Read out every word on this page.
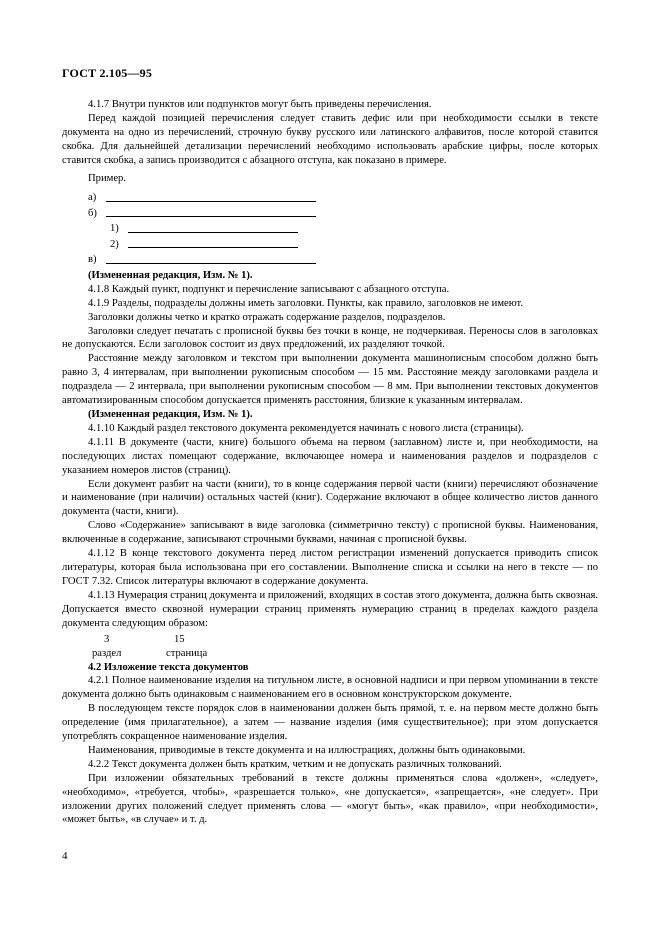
ГОСТ 2.105—95

4.1.7 Внутри пунктов или подпунктов могут быть приведены перечисления.

Перед каждой позицией перечисления следует ставить дефис или при необходимости ссылки в тексте документа на одно из перечислений, строчную букву русского или латинского алфавитов, после которой ставится скобка. Для дальнейшей детализации перечислений необходимо использовать арабские цифры, после которых ставится скобка, а запись производится с абзацного отступа, как показано в примере.

Пример.
а)
б)
1)
2)
в)

(Измененная редакция, Изм. № 1).

4.1.8 Каждый пункт, подпункт и перечисление записывают с абзацного отступа.

4.1.9 Разделы, подразделы должны иметь заголовки. Пункты, как правило, заголовков не имеют.

Заголовки должны четко и кратко отражать содержание разделов, подразделов.

Заголовки следует печатать с прописной буквы без точки в конце, не подчеркивая. Переносы слов в заголовках не допускаются. Если заголовок состоит из двух предложений, их разделяют точкой.

Расстояние между заголовком и текстом при выполнении документа машинописным способом должно быть равно 3, 4 интервалам, при выполнении рукописным способом — 15 мм. Расстояние между заголовками раздела и подраздела — 2 интервала, при выполнении рукописным способом — 8 мм. При выполнении текстовых документов автоматизированным способом допускается применять расстояния, близкие к указанным интервалам.

(Измененная редакция, Изм. № 1).

4.1.10 Каждый раздел текстового документа рекомендуется начинать с нового листа (страницы).

4.1.11 В документе (части, книге) большого объема на первом (заглавном) листе и, при необходимости, на последующих листах помещают содержание, включающее номера и наименования разделов и подразделов с указанием номеров листов (страниц).

Если документ разбит на части (книги), то в конце содержания первой части (книги) перечисляют обозначение и наименование (при наличии) остальных частей (книг). Содержание включают в общее количество листов данного документа (части, книги).

Слово «Содержание» записывают в виде заголовка (симметрично тексту) с прописной буквы. Наименования, включенные в содержание, записывают строчными буквами, начиная с прописной буквы.

4.1.12 В конце текстового документа перед листом регистрации изменений допускается приводить список литературы, которая была использована при его составлении. Выполнение списка и ссылки на него в тексте — по ГОСТ 7.32. Список литературы включают в содержание документа.

4.1.13 Нумерация страниц документа и приложений, входящих в состав этого документа, должна быть сквозная. Допускается вместо сквозной нумерации страниц применять нумерацию страниц в пределах каждого раздела документа следующим образом:

3	15
раздел	страница

4.2 Изложение текста документов

4.2.1 Полное наименование изделия на титульном листе, в основной надписи и при первом упоминании в тексте документа должно быть одинаковым с наименованием его в основном конструкторском документе.

В последующем тексте порядок слов в наименовании должен быть прямой, т. е. на первом месте должно быть определение (имя прилагательное), а затем — название изделия (имя существительное); при этом допускается употреблять сокращенное наименование изделия.

Наименования, приводимые в тексте документа и на иллюстрациях, должны быть одинаковыми.

4.2.2 Текст документа должен быть кратким, четким и не допускать различных толкований.

При изложении обязательных требований в тексте должны применяться слова «должен», «следует», «необходимо», «требуется, чтобы», «разрешается только», «не допускается», «запрещается», «не следует». При изложении других положений следует применять слова — «могут быть», «как правило», «при необходимости», «может быть», «в случае» и т. д.

4
